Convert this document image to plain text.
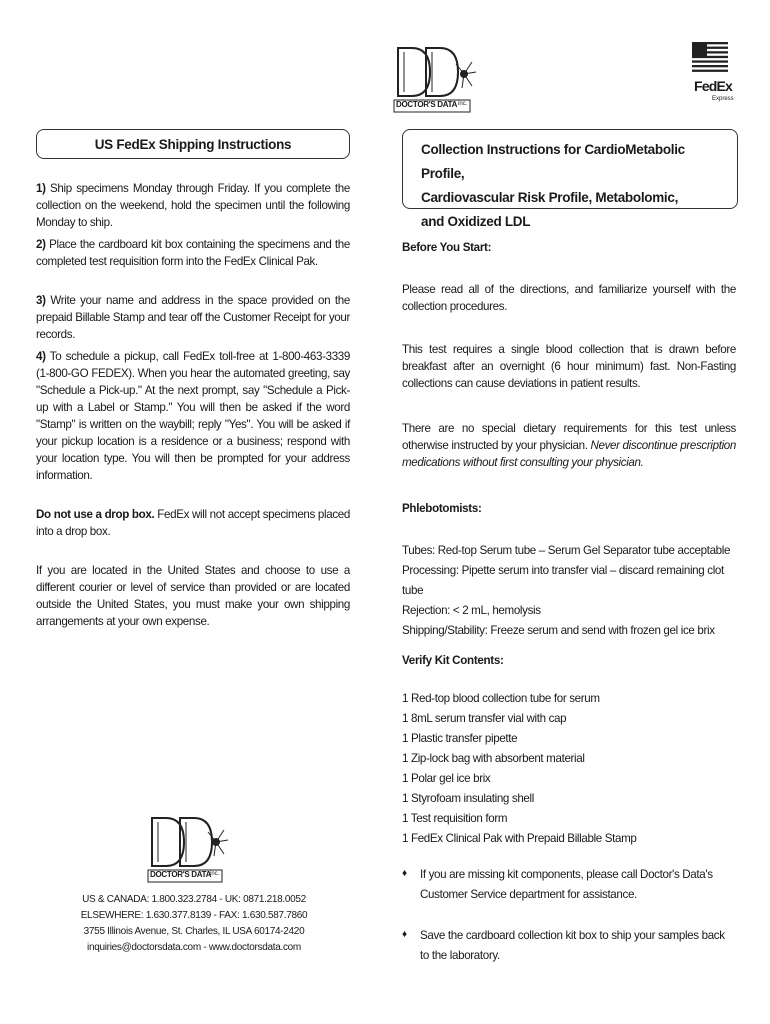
DOCTOR'S DATA inc.
FedEx
Express
US FedEx Shipping Instructions

1) Ship specimens Monday through Friday. If you complete the collection on the weekend, hold the specimen until the following Monday to ship.

2) Place the cardboard kit box containing the specimens and the completed test requisition form into the FedEx Clinical Pak.

3) Write your name and address in the space provided on the prepaid Billable Stamp and tear off the Customer Receipt for your records.

4) To schedule a pickup, call FedEx toll-free at 1-800-463-3339 (1-800-GO FEDEX). When you hear the automated greeting, say "Schedule a Pick-up." At the next prompt, say "Schedule a Pick-up with a Label or Stamp." You will then be asked if the word "Stamp" is written on the waybill; reply "Yes". You will be asked if your pickup location is a residence or a business; respond with your location type. You will then be prompted for your address information.

Do not use a drop box. FedEx will not accept specimens placed into a drop box.

If you are located in the United States and choose to use a different courier or level of service than provided or are located outside the United States, you must make your own shipping arrangements at your own expense.

DOCTOR'S DATA
inc.
US & CANADA: 1.800.323.2784 - UK: 0871.218.0052
ELSEWHERE: 1.630.377.8139 - FAX: 1.630.587.7860
3755 Illinois Avenue, St. Charles, IL USA 60174-2420
inquiries@doctorsdata.com - www.doctorsdata.com
Collection Instructions for CardioMetabolic Profile,
Cardiovascular Risk Profile, Metabolomic,
and Oxidized LDL

Before You Start:

Please read all of the directions, and familiarize yourself with the collection procedures.

This test requires a single blood collection that is drawn before breakfast after an overnight (6 hour minimum) fast. Non-Fasting collections can cause deviations in patient results.

There are no special dietary requirements for this test unless otherwise instructed by your physician. Never discontinue prescription medications without first consulting your physician.

Phlebotomists:

Tubes: Red-top Serum tube – Serum Gel Separator tube acceptable
Processing: Pipette serum into transfer vial – discard remaining clot tube
Rejection: < 2 mL, hemolysis
Shipping/Stability: Freeze serum and send with frozen gel ice brix

Verify Kit Contents:

1 Red-top blood collection tube for serum
1 8mL serum transfer vial with cap
1 Plastic transfer pipette
1 Zip-lock bag with absorbent material
1 Polar gel ice brix
1 Styrofoam insulating shell
1 Test requisition form
1 FedEx Clinical Pak with Prepaid Billable Stamp
♦	If you are missing kit components, please call Doctor's Data's Customer Service department for assistance.
♦	Save the cardboard collection kit box to ship your samples back to the laboratory.
